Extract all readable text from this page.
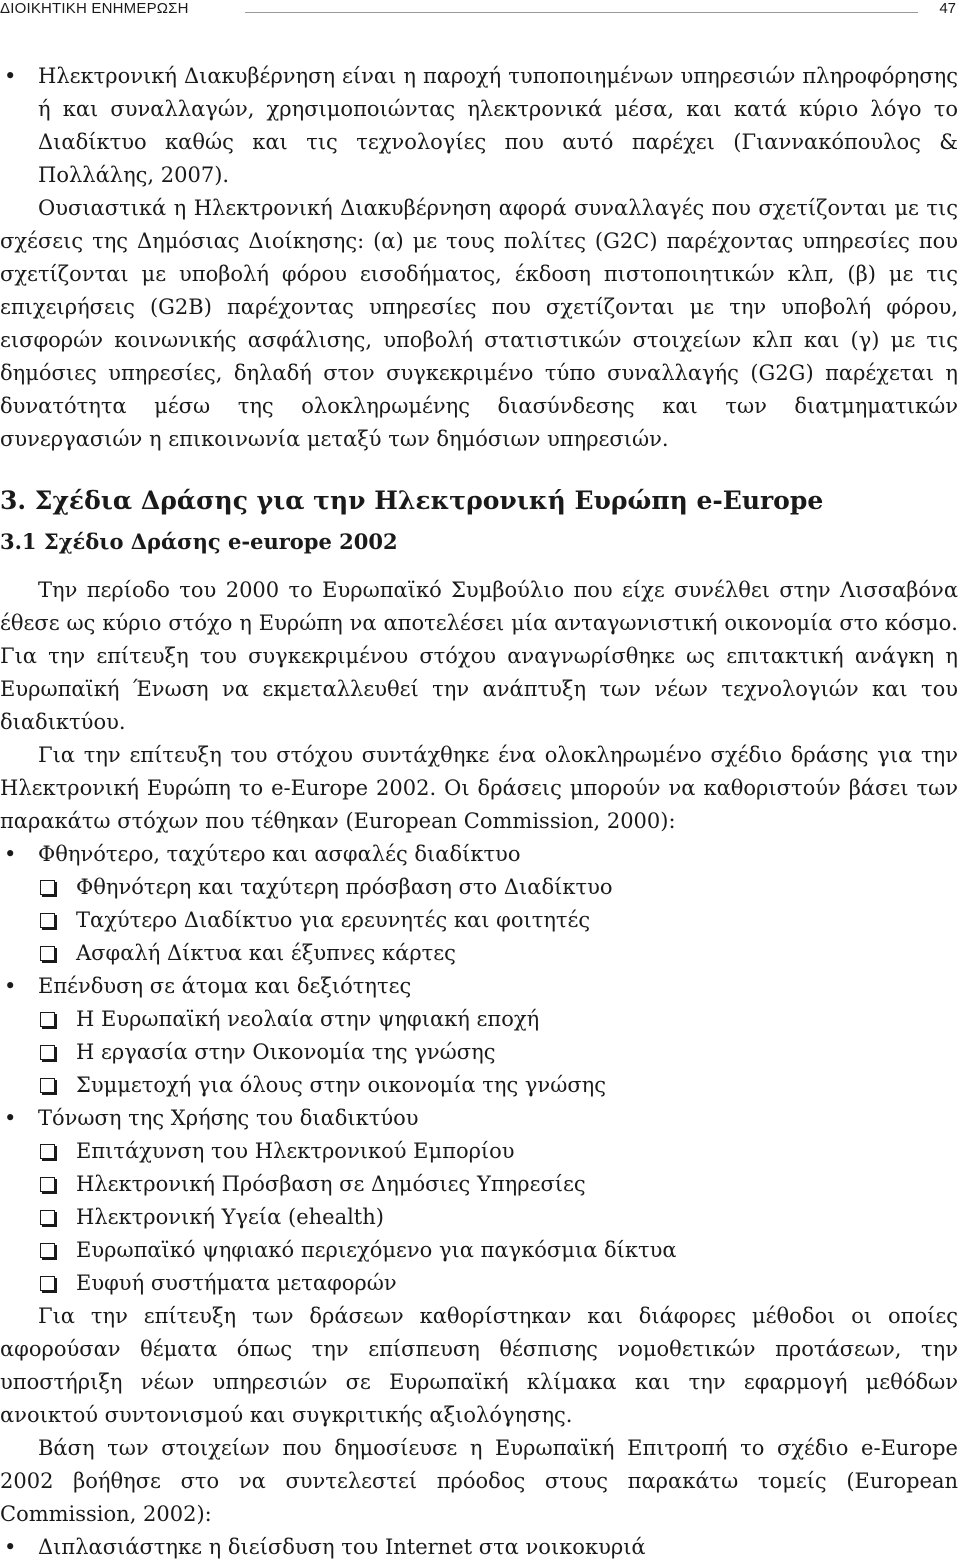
ΔΙΟΙΚΗΤΙΚΗ ΕΝΗΜΕΡΩΣΗ	47

• Ηλεκτρονική Διακυβέρνηση είναι η παροχή τυποποιημένων υπηρεσιών πληροφόρησης ή και συναλλαγών, χρησιμοποιώντας ηλεκτρονικά μέσα, και κατά κύριο λόγο το Διαδίκτυο καθώς και τις τεχνολογίες που αυτό παρέχει (Γιαννακόπουλος & Πολλάλης, 2007).

Ουσιαστικά η Ηλεκτρονική Διακυβέρνηση αφορά συναλλαγές που σχετίζονται με τις σχέσεις της Δημόσιας Διοίκησης: (α) με τους πολίτες (G2C) παρέχοντας υπηρεσίες που σχετίζονται με υποβολή φόρου εισοδήματος, έκδοση πιστοποιητικών κλπ, (β) με τις επιχειρήσεις (G2B) παρέχοντας υπηρεσίες που σχετίζονται με την υποβολή φόρου, εισφορών κοινωνικής ασφάλισης, υποβολή στατιστικών στοιχείων κλπ και (γ) με τις δημόσιες υπηρεσίες, δηλαδή στον συγκεκριμένο τύπο συναλλαγής (G2G) παρέχεται η δυνατότητα μέσω της ολοκληρωμένης διασύνδεσης και των διατμηματικών συνεργασιών η επικοινωνία μεταξύ των δημόσιων υπηρεσιών.

3. Σχέδια Δράσης για την Ηλεκτρονική Ευρώπη e-Europe
3.1 Σχέδιο Δράσης e-europe 2002

Την περίοδο του 2000 το Ευρωπαϊκό Συμβούλιο που είχε συνέλθει στην Λισσαβόνα έθεσε ως κύριο στόχο η Ευρώπη να αποτελέσει μία ανταγωνιστική οικονομία στο κόσμο. Για την επίτευξη του συγκεκριμένου στόχου αναγνωρίσθηκε ως επιτακτική ανάγκη η Ευρωπαϊκή Ένωση να εκμεταλλευθεί την ανάπτυξη των νέων τεχνολογιών και του διαδικτύου.

Για την επίτευξη του στόχου συντάχθηκε ένα ολοκληρωμένο σχέδιο δράσης για την Ηλεκτρονική Ευρώπη το e-Europe 2002. Οι δράσεις μπορούν να καθοριστούν βάσει των παρακάτω στόχων που τέθηκαν (European Commission, 2000):

• Φθηνότερο, ταχύτερο και ασφαλές διαδίκτυο

Φθηνότερη και ταχύτερη πρόσβαση στο Διαδίκτυο

Ταχύτερο Διαδίκτυο για ερευνητές και φοιτητές

Ασφαλή Δίκτυα και έξυπνες κάρτες

• Επένδυση σε άτομα και δεξιότητες

Η Ευρωπαϊκή νεολαία στην ψηφιακή εποχή

Η εργασία στην Οικονομία της γνώσης

Συμμετοχή για όλους στην οικονομία της γνώσης

• Τόνωση της Χρήσης του διαδικτύου

Επιτάχυνση του Ηλεκτρονικού Εμπορίου

Ηλεκτρονική Πρόσβαση σε Δημόσιες Υπηρεσίες

Ηλεκτρονική Υγεία (ehealth)

Ευρωπαϊκό ψηφιακό περιεχόμενο για παγκόσμια δίκτυα

Ευφυή συστήματα μεταφορών

Για την επίτευξη των δράσεων καθορίστηκαν και διάφορες μέθοδοι οι οποίες αφορούσαν θέματα όπως την επίσπευση θέσπισης νομοθετικών προτάσεων, την υποστήριξη νέων υπηρεσιών σε Ευρωπαϊκή κλίμακα και την εφαρμογή μεθόδων ανοικτού συντονισμού και συγκριτικής αξιολόγησης.

Βάση των στοιχείων που δημοσίευσε η Ευρωπαϊκή Επιτροπή το σχέδιο e-Europe 2002 βοήθησε στο να συντελεστεί πρόοδος στους παρακάτω τομείς (European Commission, 2002):

• Διπλασιάστηκε η διείσδυση του Internet στα νοικοκυριά
